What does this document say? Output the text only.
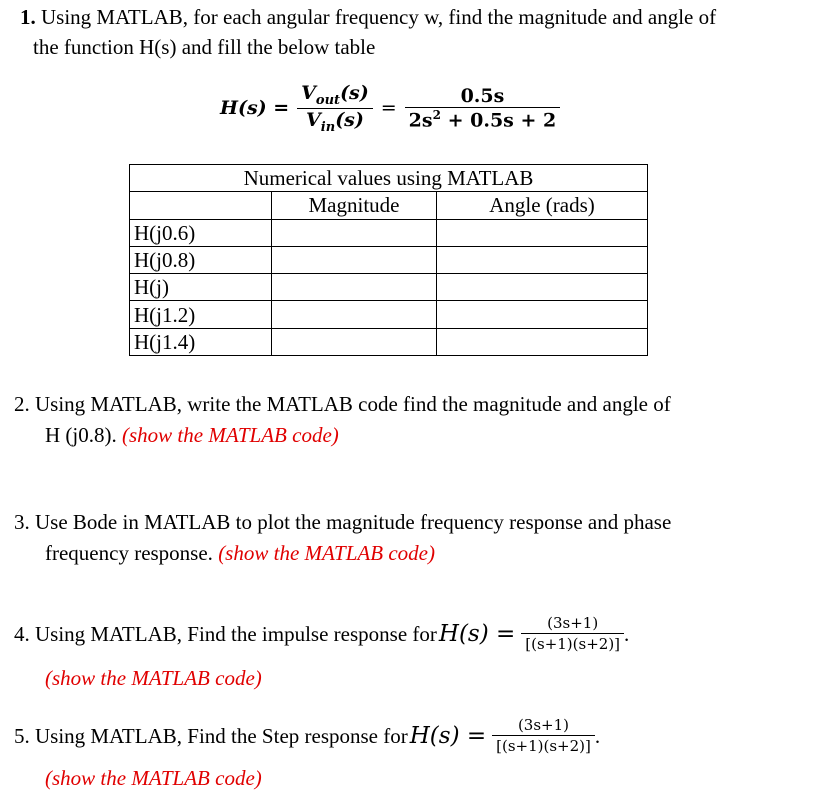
1. Using MATLAB, for each angular frequency w, find the magnitude and angle of
the function H(s) and fill the below table
$H(s) = \frac{V_{out}(s)}{V_{in}(s)} = \frac{0.5s}{2s^2 + 0.5s + 2}$
Numerical values using MATLAB		
	Magnitude	Angle (rads)
H(j0.6)		
H(j0.8)		
H(j)		
H(j1.2)		
H(j1.4)		
2. Using MATLAB, write the MATLAB code find the magnitude and angle of
H (j0.8). (show the MATLAB code)
3. Use Bode in MATLAB to plot the magnitude frequency response and phase
frequency response. (show the MATLAB code)
4. Using MATLAB, Find the impulse response for $H(s) = \frac{(3s+1)}{[(s+1)(s+2)]}$ .
(show the MATLAB code)
5. Using MATLAB, Find the Step response for $H(s) = \frac{(3s+1)}{[(s+1)(s+2)]}$ .
(show the MATLAB code)
